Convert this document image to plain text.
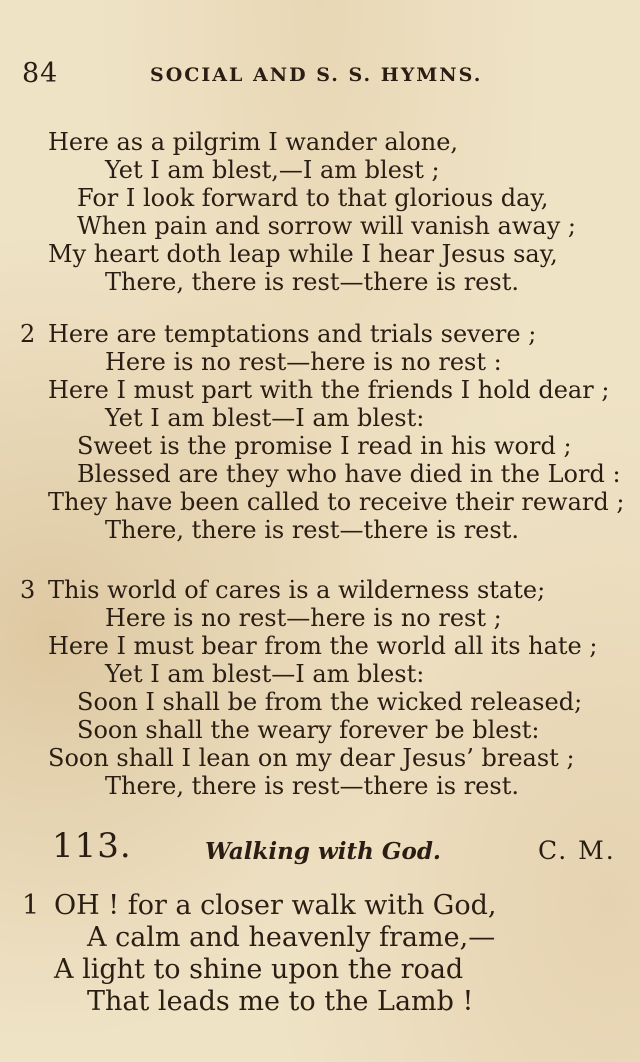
84	SOCIAL AND S. S. HYMNS.
Here as a pilgrim I wander alone,
Yet I am blest,—I am blest ;
For I look forward to that glorious day,
When pain and sorrow will vanish away ;
My heart doth leap while I hear Jesus say,
There, there is rest—there is rest.
2 Here are temptations and trials severe ;
Here is no rest—here is no rest :
Here I must part with the friends I hold dear ;
Yet I am blest—I am blest:
Sweet is the promise I read in his word ;
Blessed are they who have died in the Lord :
They have been called to receive their reward ;
There, there is rest—there is rest.
3 This world of cares is a wilderness state;
Here is no rest—here is no rest ;
Here I must bear from the world all its hate ;
Yet I am blest—I am blest:
Soon I shall be from the wicked released;
Soon shall the weary forever be blest:
Soon shall I lean on my dear Jesus’ breast ;
There, there is rest—there is rest.
113.	Walking with God.	C. M.
1 OH ! for a closer walk with God,
A calm and heavenly frame,—
A light to shine upon the road
That leads me to the Lamb !
